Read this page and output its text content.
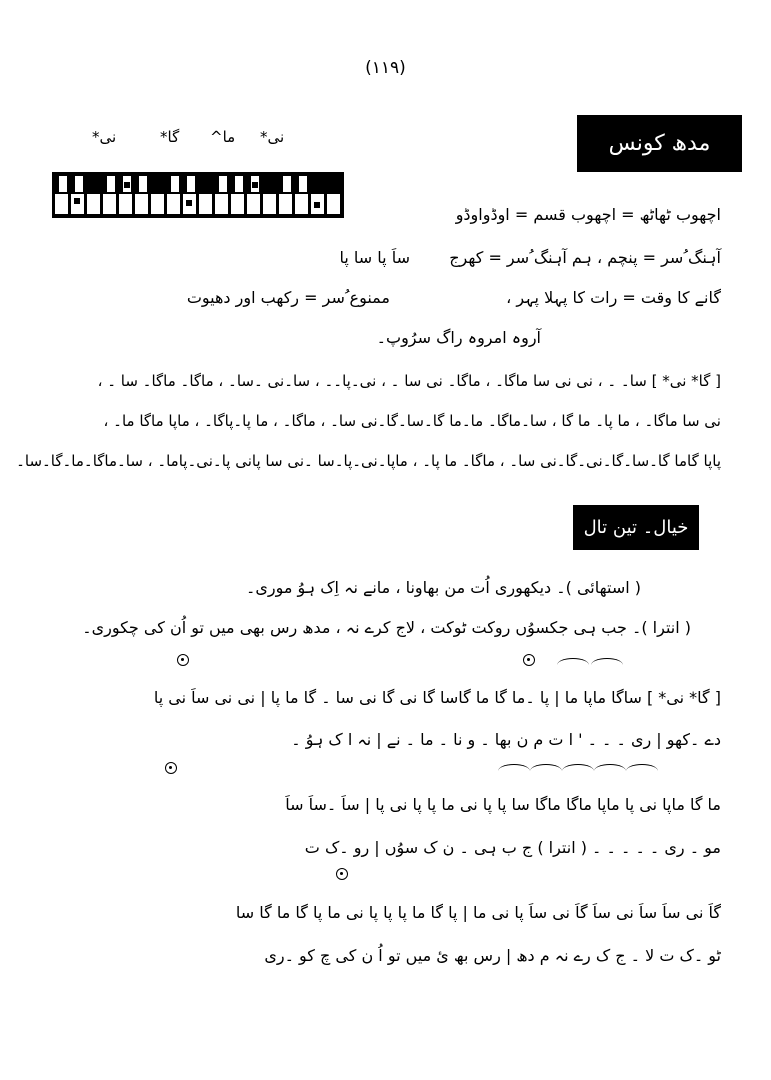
(۱۱۹)
مدھ کونس
نی*
ما^
گا*
نی*
اچھوب ٹھاٹھ = اچھوب قسم = اوڈواوڈو
آہنگ ُسر = پنچم ، ہم آہنگ ُسر = کھرج
ساَ پا سا پا
گانے کا وقت = رات کا پہلا پہر ،
ممنوع ُسر = رکھب اور دھیوت
آروہ امروہ راگ سرُوپ۔
[ گا* نی* ] سا۔ ۔ ، نی نی سا ماگا۔ ، ماگا۔ نی سا ۔ ، نی۔پا۔۔ ، سا۔نی ۔سا۔ ، ماگا۔ ماگا۔ سا ۔ ،
نی سا ماگا۔ ، ما پا۔ ما گا ، سا۔ماگا۔ ما۔ما گا۔سا۔گا۔نی سا۔ ، ماگا۔ ، ما پا۔پاگا۔ ، ماپا ماگا ما۔ ،
پاپا گاما گا۔سا۔گا۔نی۔گا۔نی سا۔ ، ماگا۔ ما پا۔ ، ماپا۔نی۔پا۔سا ۔نی سا پانی پا۔نی۔پاما۔ ، سا۔ماگا۔ما۔گا۔سا۔
خیال۔ تین تال
( استھائی )۔ دیکھوری اُت من بھاونا ، مانے نہ اِک ہوُ موری۔
( انترا )۔ جب ہی جکسوُں روکت ٹوکت ، لاج کرے نہ ، مدھ رس بھی میں تو اُن کی چکوری۔
[ گا* نی* ] ساگا ماپا ما | پا ۔ما گا ما گاسا گا نی گا نی سا ۔ گا ما پا | نی نی ساَ نی پا
دے ۔کھو | ری ۔ ۔ ۔ ' ا ت م ن بھا ۔ و نا ۔ ما ۔ نے | نہ ا ک ہوُ ۔
ما گا ماپا نی پا ماپا ماگا ماگا سا پا پا نی ما پا پا نی پا | ساَ ۔ساَ ساَ
مو ۔ ری ۔ ۔ ۔ ۔ ۔ ( انترا ) ج ب ہی ۔ ن ک سوُں | رو ۔ک ت
گاَ نی ساَ ساَ نی ساَ گاَ نی ساَ پا نی ما | پا گا ما پا پا پا نی ما پا گا ما گا سا
ٹو ۔ک ت لا ۔ ج ک رے نہ م دھ | رس بھ ئ میں تو اُ ن کی چ کو ۔ری
